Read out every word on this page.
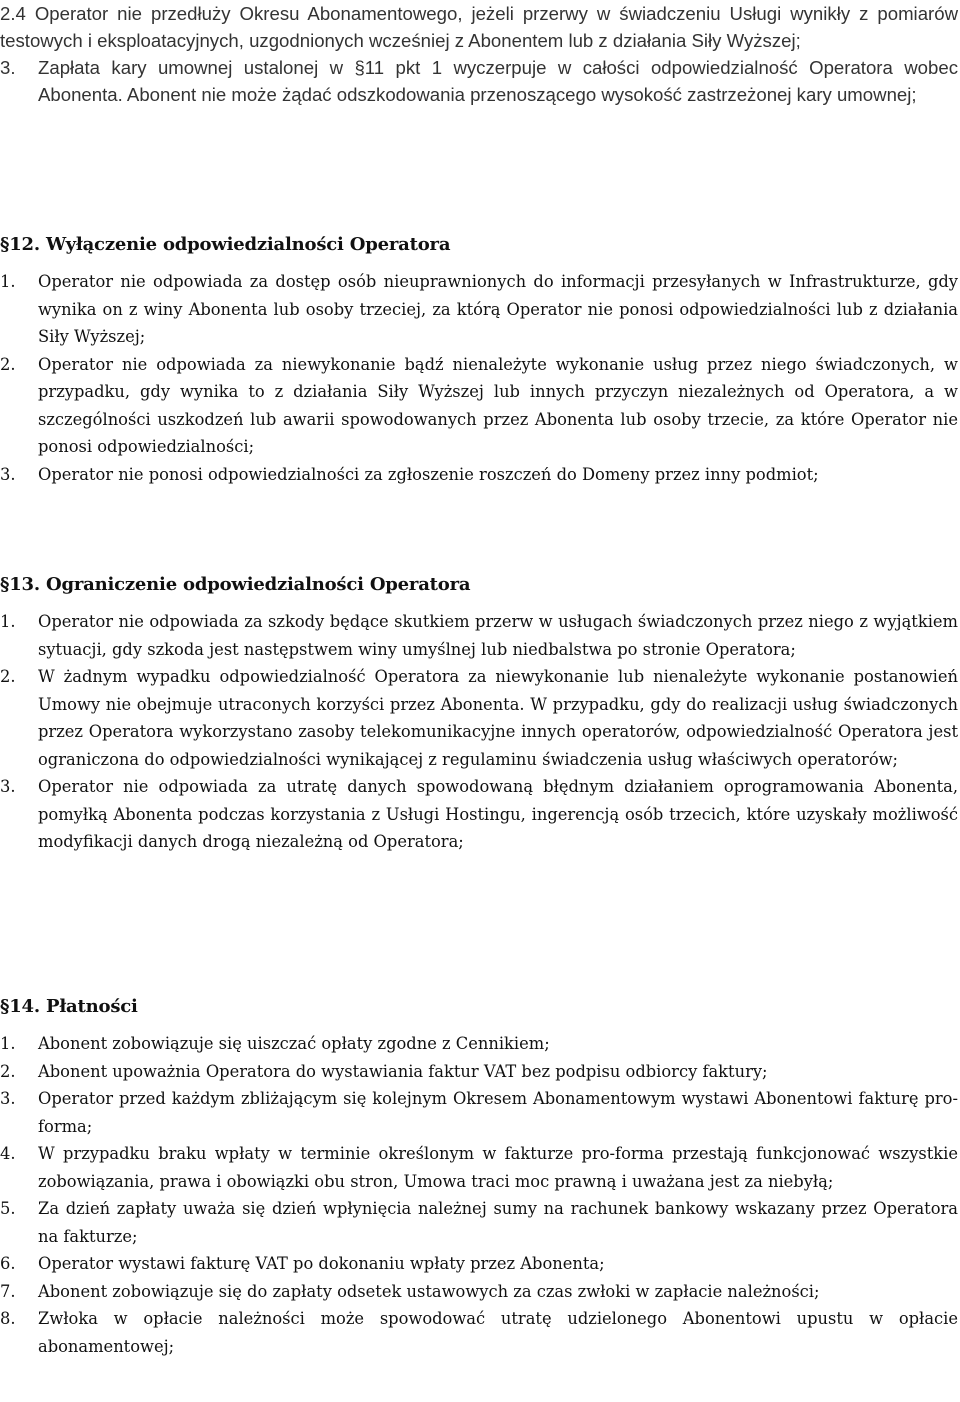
2.4 Operator nie przedłuży Okresu Abonamentowego, jeżeli przerwy w świadczeniu Usługi wynikły z pomiarów testowych i eksploatacyjnych, uzgodnionych wcześniej z Abonentem lub z działania Siły Wyższej;
3.	Zapłata kary umownej ustalonej w §11 pkt 1 wyczerpuje w całości odpowiedzialność Operatora wobec Abonenta. Abonent nie może żądać odszkodowania przenoszącego wysokość zastrzeżonej kary umownej;
§12. Wyłączenie odpowiedzialności Operatora
1.	Operator nie odpowiada za dostęp osób nieuprawnionych do informacji przesyłanych w Infrastrukturze, gdy wynika on z winy Abonenta lub osoby trzeciej, za którą Operator nie ponosi odpowiedzialności lub z działania Siły Wyższej;
2.	Operator nie odpowiada za niewykonanie bądź nienależyte wykonanie usług przez niego świadczonych, w przypadku, gdy wynika to z działania Siły Wyższej lub innych przyczyn niezależnych od Operatora, a w szczególności uszkodzeń lub awarii spowodowanych przez Abonenta lub osoby trzecie, za które Operator nie ponosi odpowiedzialności;
3.	Operator nie ponosi odpowiedzialności za zgłoszenie roszczeń do Domeny przez inny podmiot;
§13. Ograniczenie odpowiedzialności Operatora
1.	Operator nie odpowiada za szkody będące skutkiem przerw w usługach świadczonych przez niego z wyjątkiem sytuacji, gdy szkoda jest następstwem winy umyślnej lub niedbalstwa po stronie Operatora;
2.	W żadnym wypadku odpowiedzialność Operatora za niewykonanie lub nienależyte wykonanie postanowień Umowy nie obejmuje utraconych korzyści przez Abonenta. W przypadku, gdy do realizacji usług świadczonych przez Operatora wykorzystano zasoby telekomunikacyjne innych operatorów, odpowiedzialność Operatora jest ograniczona do odpowiedzialności wynikającej z regulaminu świadczenia usług właściwych operatorów;
3.	Operator nie odpowiada za utratę danych spowodowaną błędnym działaniem oprogramowania Abonenta, pomyłką Abonenta podczas korzystania z Usługi Hostingu, ingerencją osób trzecich, które uzyskały możliwość modyfikacji danych drogą niezależną od Operatora;
§14. Płatności
1.	Abonent zobowiązuje się uiszczać opłaty zgodne z Cennikiem;
2.	Abonent upoważnia Operatora do wystawiania faktur VAT bez podpisu odbiorcy faktury;
3.	Operator przed każdym zbliżającym się kolejnym Okresem Abonamentowym wystawi Abonentowi fakturę pro-forma;
4.	W przypadku braku wpłaty w terminie określonym w fakturze pro-forma przestają funkcjonować wszystkie zobowiązania, prawa i obowiązki obu stron, Umowa traci moc prawną i uważana jest za niebyłą;
5.	Za dzień zapłaty uważa się dzień wpłynięcia należnej sumy na rachunek bankowy wskazany przez Operatora na fakturze;
6.	Operator wystawi fakturę VAT po dokonaniu wpłaty przez Abonenta;
7.	Abonent zobowiązuje się do zapłaty odsetek ustawowych za czas zwłoki w zapłacie należności;
8.	Zwłoka w opłacie należności może spowodować utratę udzielonego Abonentowi upustu w opłacie abonamentowej;
